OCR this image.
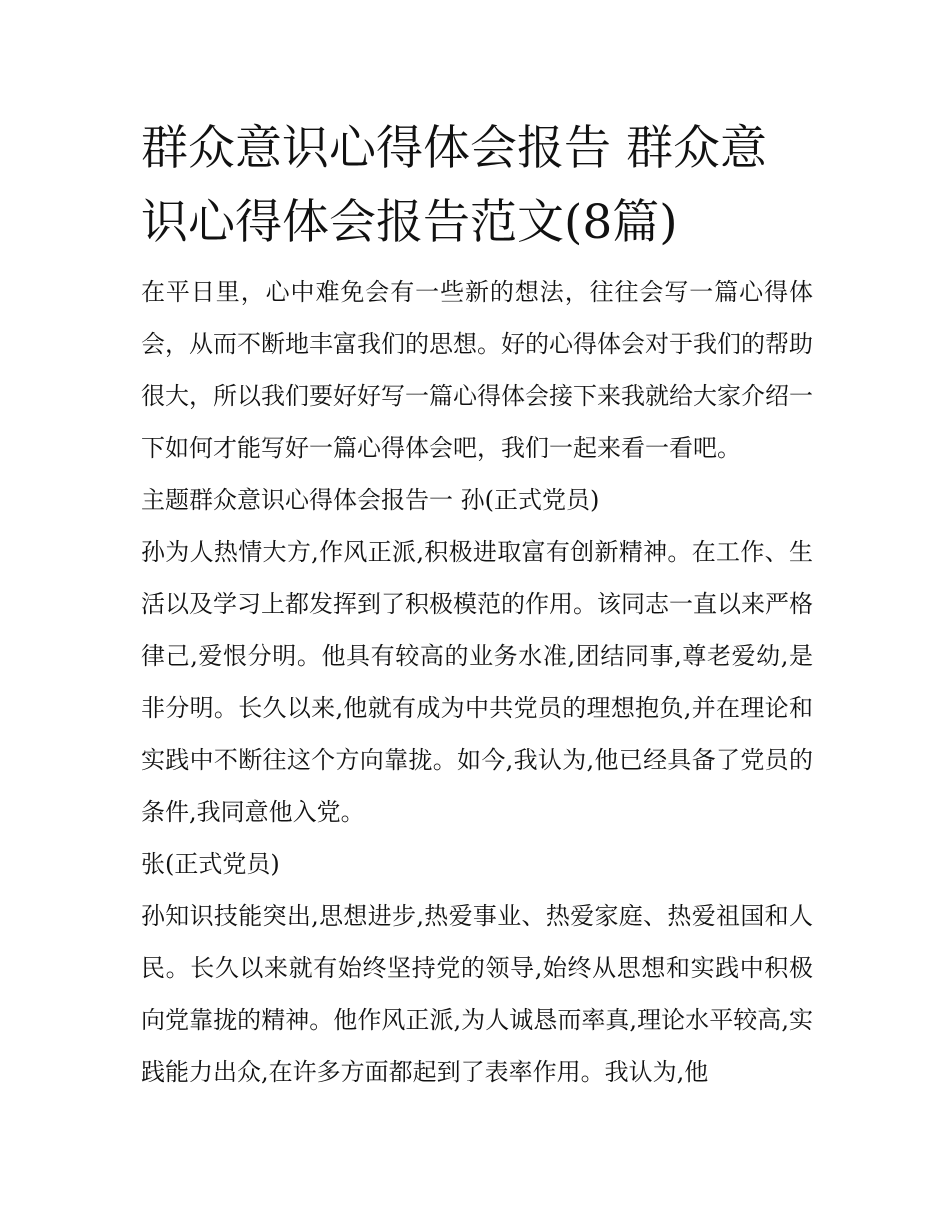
群众意识心得体会报告 群众意识心得体会报告范文(8篇)

在平日里，心中难免会有一些新的想法，往往会写一篇心得体会，从而不断地丰富我们的思想。好的心得体会对于我们的帮助很大，所以我们要好好写一篇心得体会接下来我就给大家介绍一下如何才能写好一篇心得体会吧，我们一起来看一看吧。

主题群众意识心得体会报告一 孙(正式党员)

孙为人热情大方,作风正派,积极进取富有创新精神。在工作、生活以及学习上都发挥到了积极模范的作用。该同志一直以来严格律己,爱恨分明。他具有较高的业务水准,团结同事,尊老爱幼,是非分明。长久以来,他就有成为中共党员的理想抱负,并在理论和实践中不断往这个方向靠拢。如今,我认为,他已经具备了党员的条件,我同意他入党。

张(正式党员)

孙知识技能突出,思想进步,热爱事业、热爱家庭、热爱祖国和人民。长久以来就有始终坚持党的领导,始终从思想和实践中积极向党靠拢的精神。他作风正派,为人诚恳而率真,理论水平较高,实践能力出众,在许多方面都起到了表率作用。我认为,他
